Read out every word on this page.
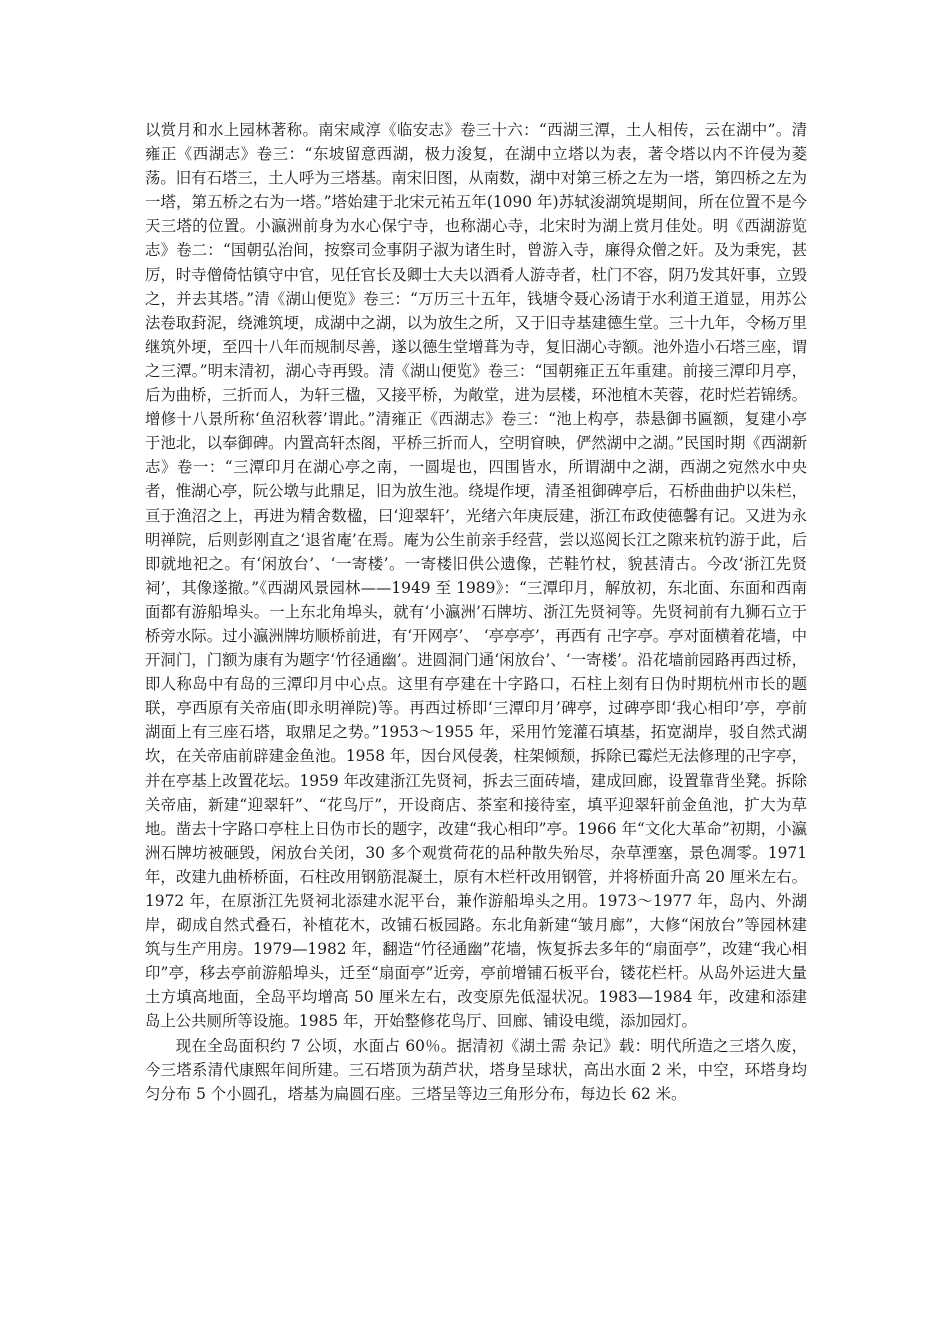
以赏月和水上园林著称。南宋咸淳《临安志》卷三十六：“西湖三潭，土人相传，云在湖中”。清雍正《西湖志》卷三：“东坡留意西湖，极力浚复，在湖中立塔以为表，著令塔以内不许侵为菱荡。旧有石塔三，土人呼为三塔基。南宋旧图，从南数，湖中对第三桥之左为一塔，第四桥之左为一塔，第五桥之右为一塔。”塔始建于北宋元祐五年(1090 年)苏轼浚湖筑堤期间，所在位置不是今天三塔的位置。小瀛洲前身为水心保宁寺，也称湖心寺，北宋时为湖上赏月佳处。明《西湖游览志》卷二：“国朝弘治间，按察司佥事阴子淑为诸生时，曾游入寺，廉得众僧之奸。及为秉宪，甚厉，时寺僧倚怙镇守中官，见任官长及卿士大夫以酒肴人游寺者，杜门不容，阴乃发其奸事，立毁之，并去其塔。”清《湖山便览》卷三：“万历三十五年，钱塘令聂心汤请于水利道王道显，用苏公法卷取葑泥，绕滩筑埂，成湖中之湖，以为放生之所，又于旧寺基建德生堂。三十九年，令杨万里继筑外埂，至四十八年而规制尽善，遂以德生堂增葺为寺，复旧湖心寺额。池外造小石塔三座，谓之三潭。”明末清初，湖心寺再毁。清《湖山便览》卷三：“国朝雍正五年重建。前接三潭印月亭，后为曲桥，三折而人，为轩三楹，又接平桥，为敞堂，进为层楼，环池植木芙蓉，花时烂若锦绣。增修十八景所称‘鱼沼秋蓉’谓此。”清雍正《西湖志》卷三：“池上构亭，恭悬御书匾额，复建小亭于池北，以奉御碑。内置高轩杰阁，平桥三折而人，空明窅映，俨然湖中之湖。”民国时期《西湖新志》卷一：“三潭印月在湖心亭之南，一圆堤也，四围皆水，所谓湖中之湖，西湖之宛然水中央者，惟湖心亭，阮公墩与此鼎足，旧为放生池。绕堤作埂，清圣祖御碑亭后，石桥曲曲护以朱栏，亘于渔沼之上，再进为精舍数楹，曰‘迎翠轩’，光绪六年庚辰建，浙江布政使德馨有记。又进为永明禅院，后则彭刚直之‘退省庵’在焉。庵为公生前亲手经营，尝以巡阅长江之隙来杭钓游于此，后即就地祀之。有‘闲放台’、‘一寄楼’。一寄楼旧供公遗像，芒鞋竹杖，貌甚清古。今改‘浙江先贤祠’，其像遂撤。”《西湖风景园林——1949 至 1989》：“三潭印月，解放初，东北面、东面和西南面都有游船埠头。一上东北角埠头，就有‘小瀛洲’石牌坊、浙江先贤祠等。先贤祠前有九狮石立于桥旁水际。过小瀛洲牌坊顺桥前进，有‘开网亭’、 ‘亭亭亭’，再西有 卍字亭。亭对面横着花墙，中开洞门，门额为康有为题字‘竹径通幽’。进圆洞门通‘闲放台’、‘一寄楼’。沿花墙前园路再西过桥，即人称岛中有岛的三潭印月中心点。这里有亭建在十字路口，石柱上刻有日伪时期杭州市长的题联，亭西原有关帝庙(即永明禅院)等。再西过桥即‘三潭印月’碑亭，过碑亭即‘我心相印’亭，亭前湖面上有三座石塔，取鼎足之势。”1953～1955 年，采用竹笼灌石填基，拓宽湖岸，驳自然式湖坎，在关帝庙前辟建金鱼池。1958 年，因台风侵袭，柱架倾颓，拆除已霉烂无法修理的卍字亭，并在亭基上改置花坛。1959 年改建浙江先贤祠，拆去三面砖墙，建成回廊，设置靠背坐凳。拆除关帝庙，新建“迎翠轩”、“花鸟厅”，开设商店、茶室和接待室，填平迎翠轩前金鱼池，扩大为草地。凿去十字路口亭柱上日伪市长的题字，改建“我心相印”亭。1966 年“文化大革命”初期，小瀛洲石牌坊被砸毁，闲放台关闭，30 多个观赏荷花的品种散失殆尽，杂草湮塞，景色凋零。1971 年，改建九曲桥桥面，石柱改用钢筋混凝土，原有木栏杆改用钢管，并将桥面升高 20 厘米左右。1972 年，在原浙江先贤祠北添建水泥平台，兼作游船埠头之用。1973～1977 年，岛内、外湖岸，砌成自然式叠石，补植花木，改铺石板园路。东北角新建“皱月廊”，大修“闲放台”等园林建筑与生产用房。1979—1982 年，翻造“竹径通幽”花墙，恢复拆去多年的“扇面亭”，改建“我心相印”亭，移去亭前游船埠头，迁至“扇面亭”近旁，亭前增铺石板平台，镂花栏杆。从岛外运进大量土方填高地面，全岛平均增高 50 厘米左右，改变原先低湿状况。1983—1984 年，改建和添建岛上公共厕所等设施。1985 年，开始整修花鸟厅、回廊、铺设电缆，添加园灯。

现在全岛面积约 7 公顷，水面占 60％。据清初《湖土需 杂记》载：明代所造之三塔久废，今三塔系清代康熙年间所建。三石塔顶为葫芦状，塔身呈球状，高出水面 2 米，中空，环塔身均匀分布 5 个小圆孔，塔基为扁圆石座。三塔呈等边三角形分布，每边长 62 米。
